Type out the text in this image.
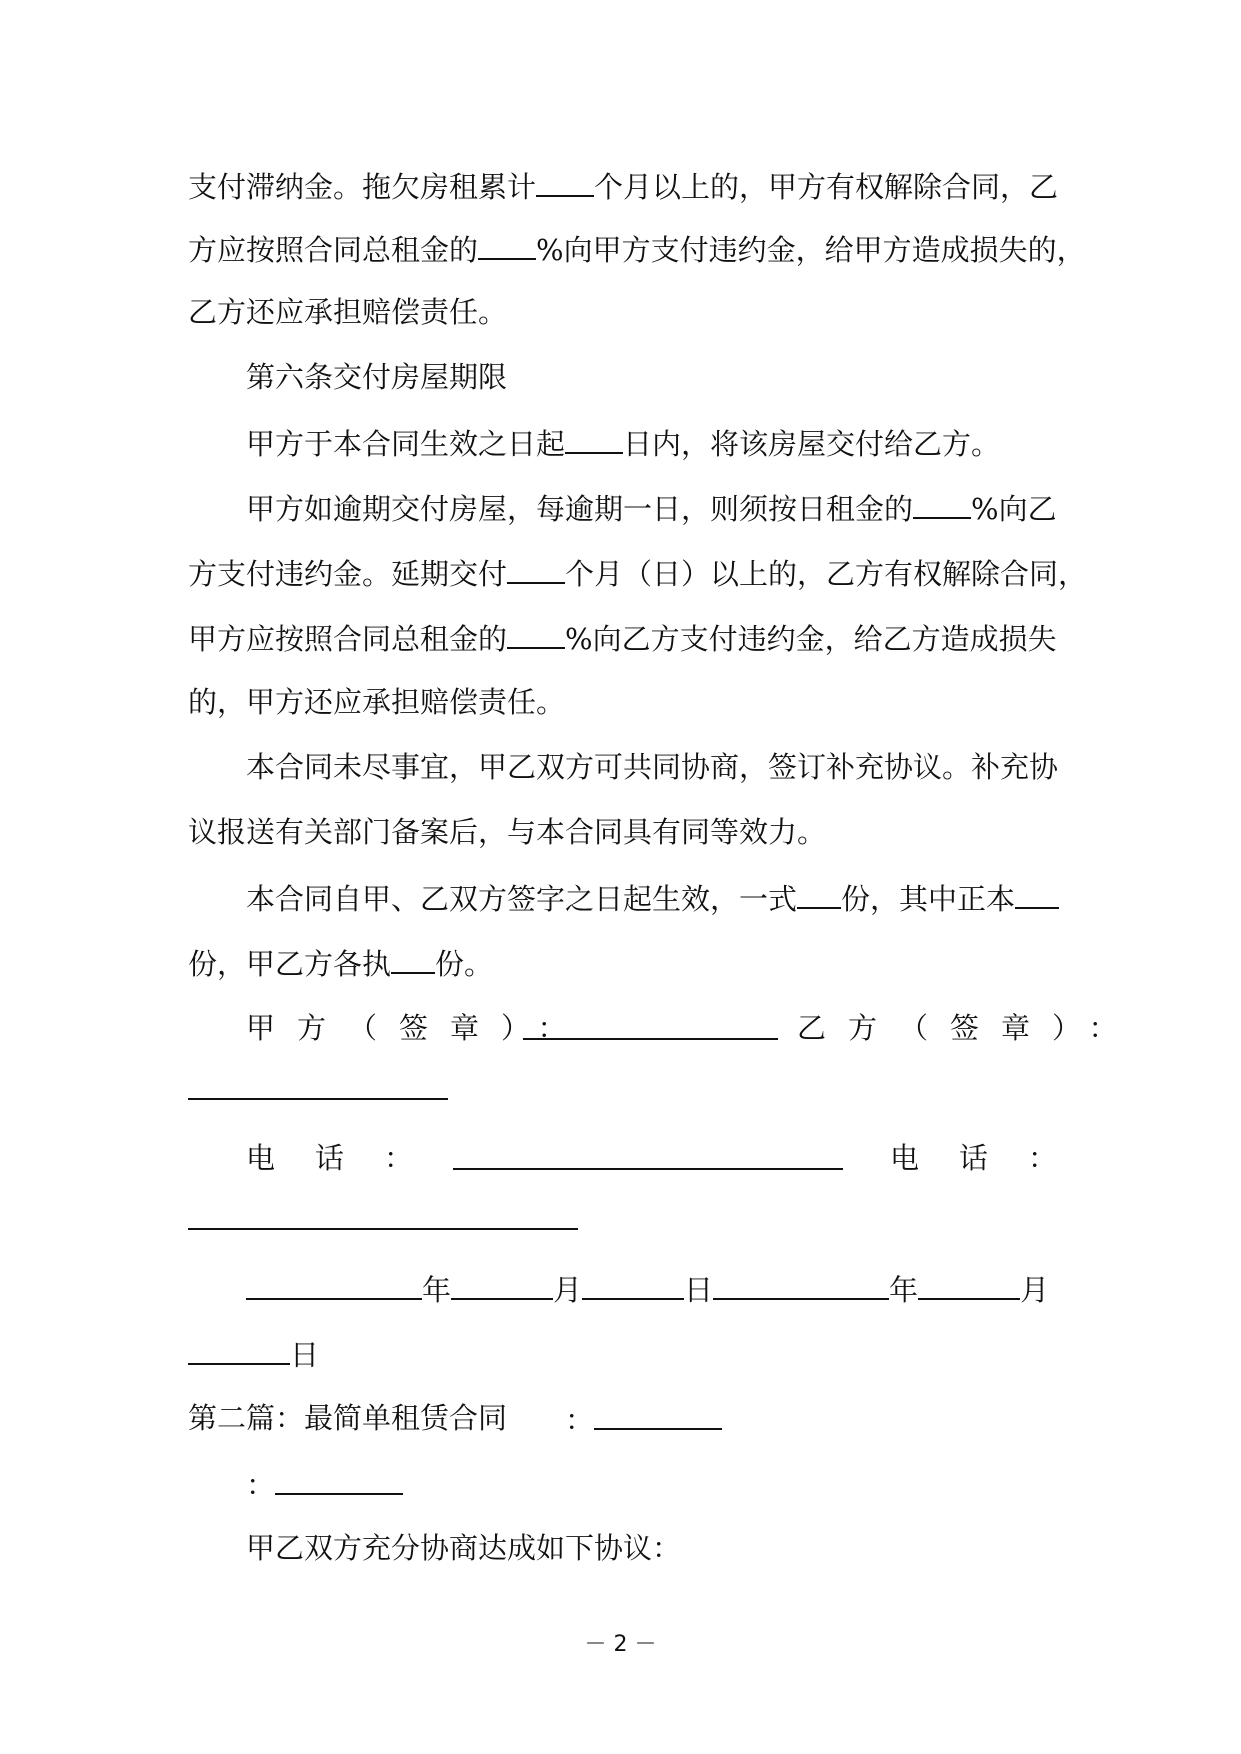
支付滞纳金。拖欠房租累计 个月以上的，甲方有权解除合同，乙
方应按照合同总租金的 %向甲方支付违约金，给甲方造成损失的，
乙方还应承担赔偿责任。
第六条交付房屋期限
甲方于本合同生效之日起 日内，将该房屋交付给乙方。
甲方如逾期交付房屋，每逾期一日，则须按日租金的 %向乙
方支付违约金。延期交付 个月（日）以上的，乙方有权解除合同，
甲方应按照合同总租金的 %向乙方支付违约金，给乙方造成损失
的，甲方还应承担赔偿责任。
本合同未尽事宜，甲乙双方可共同协商，签订补充协议。补充协
议报送有关部门备案后，与本合同具有同等效力。
本合同自甲、乙双方签字之日起生效，一式 份，其中正本
份，甲乙方各执 份。
甲方（签章）：	乙方（签章）：
电话：	电话：
年	月	日	年	月
日
第二篇：最简单租赁合同 ：
：
甲乙双方充分协商达成如下协议：
－ 2 －
